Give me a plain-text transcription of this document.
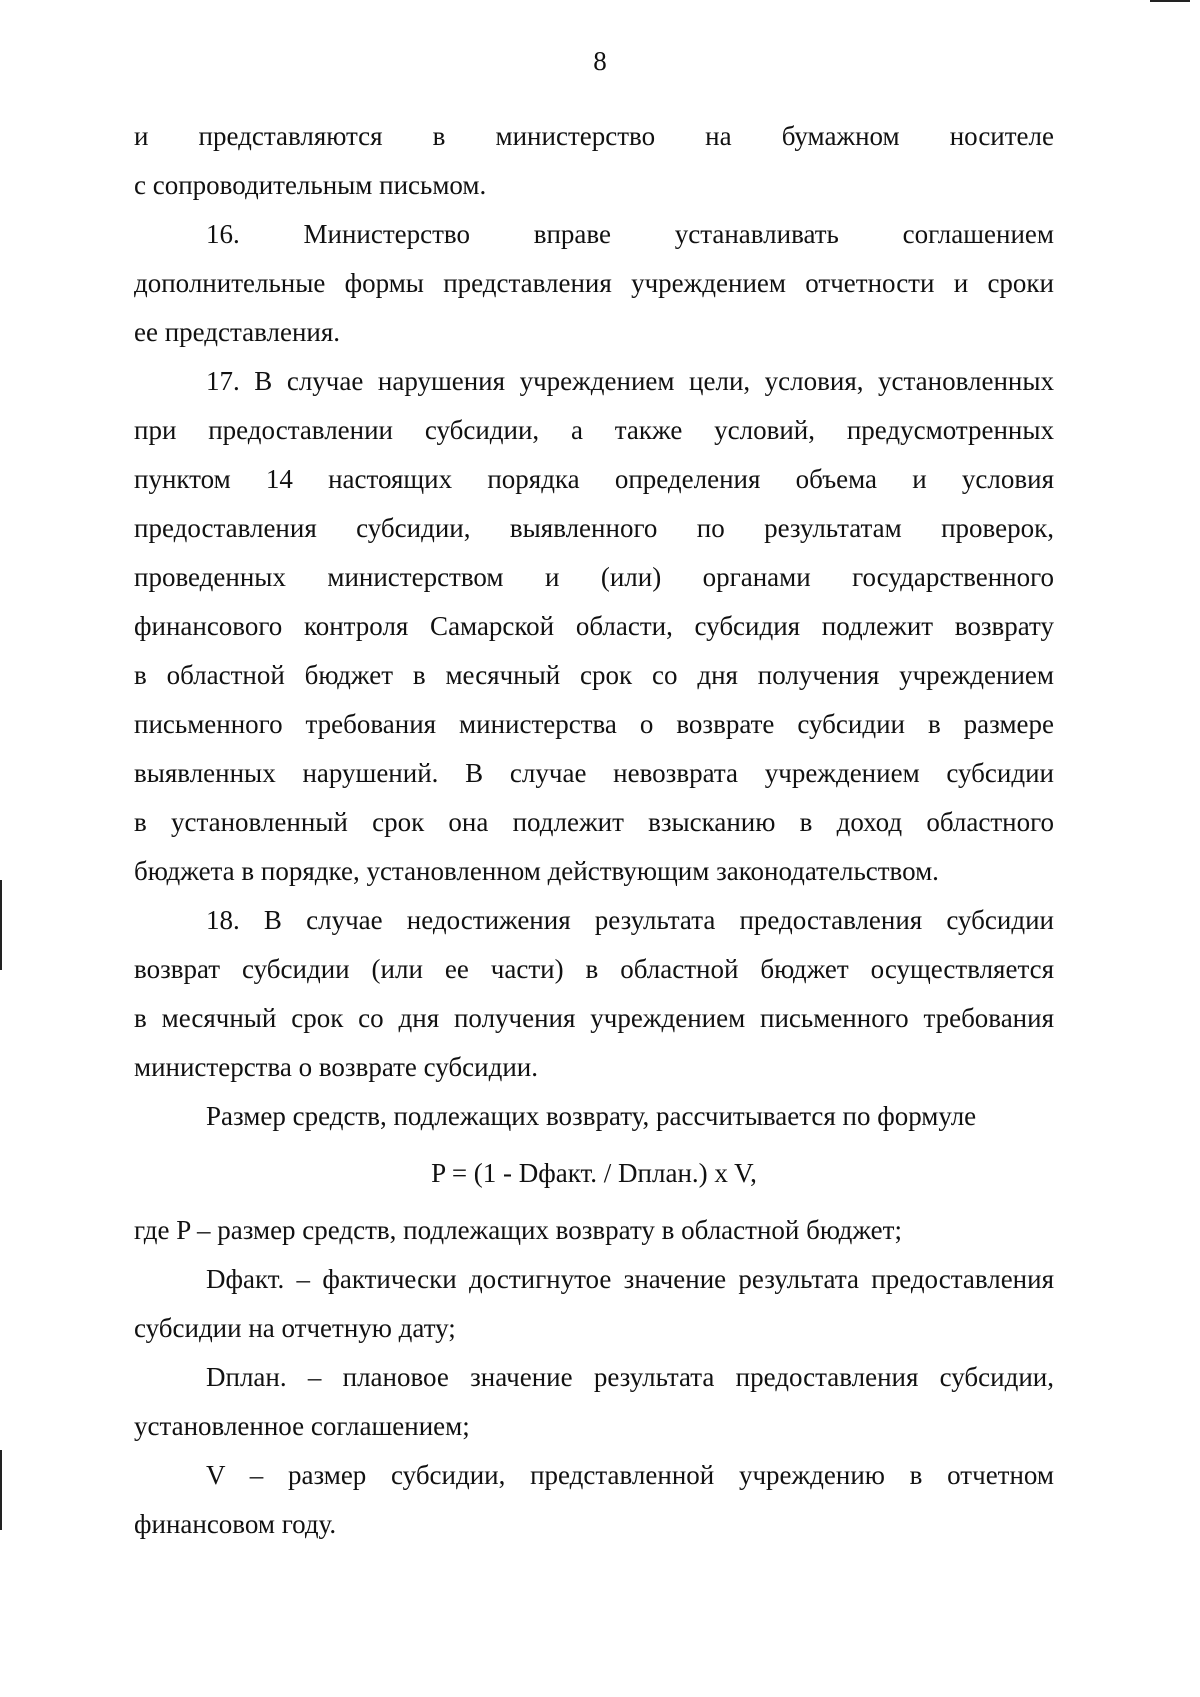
8
и представляются в министерство на бумажном носителе
с сопроводительным письмом.
16. Министерство вправе устанавливать соглашением
дополнительные формы представления учреждением отчетности и сроки
ее представления.
17. В случае нарушения учреждением цели, условия, установленных
при предоставлении субсидии, а также условий, предусмотренных
пунктом 14 настоящих порядка определения объема и условия
предоставления субсидии, выявленного по результатам проверок,
проведенных министерством и (или) органами государственного
финансового контроля Самарской области, субсидия подлежит возврату
в областной бюджет в месячный срок со дня получения учреждением
письменного требования министерства о возврате субсидии в размере
выявленных нарушений. В случае невозврата учреждением субсидии
в установленный срок она подлежит взысканию в доход областного
бюджета в порядке, установленном действующим законодательством.
18. В случае недостижения результата предоставления субсидии
возврат субсидии (или ее части) в областной бюджет осуществляется
в месячный срок со дня получения учреждением письменного требования
министерства о возврате субсидии.
Размер средств, подлежащих возврату, рассчитывается по формуле
P = (1 - Dфакт. / Dплан.) x V,
где P – размер средств, подлежащих возврату в областной бюджет;
Dфакт. – фактически достигнутое значение результата предоставления
субсидии на отчетную дату;
Dплан. – плановое значение результата предоставления субсидии,
установленное соглашением;
V – размер субсидии, представленной учреждению в отчетном
финансовом году.
